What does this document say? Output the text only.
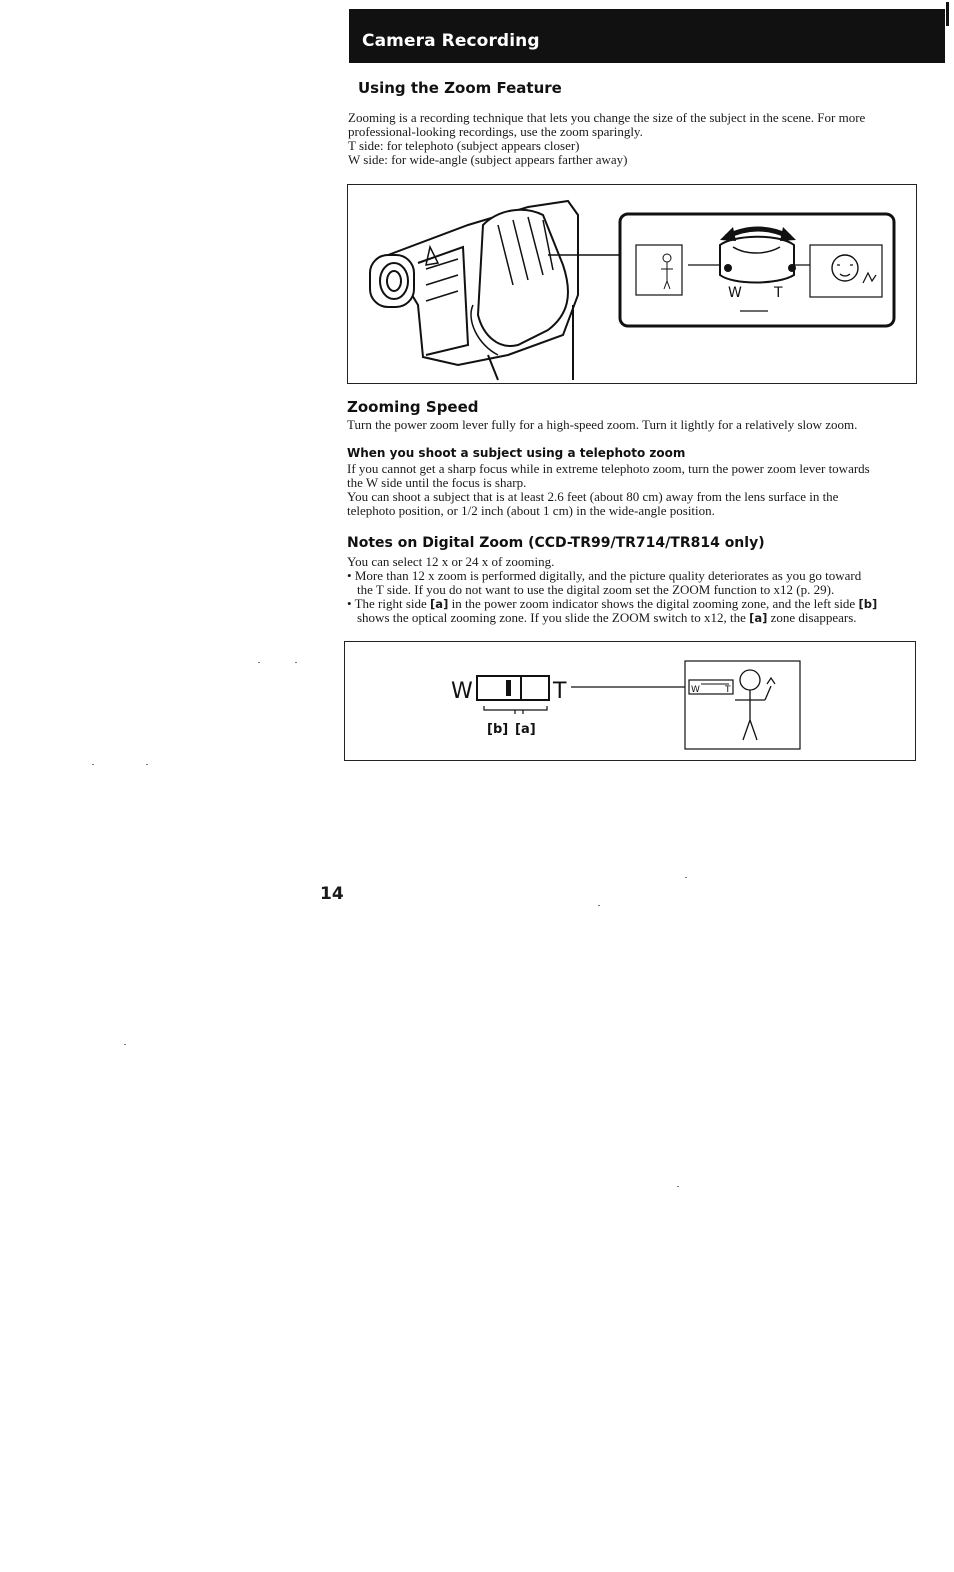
Camera Recording
Using the Zoom Feature
Zooming is a recording technique that lets you change the size of the subject in the scene. For more
professional-looking recordings, use the zoom sparingly.
T side: for telephoto (subject appears closer)
W side: for wide-angle (subject appears farther away)
W T
Zooming Speed
Turn the power zoom lever fully for a high-speed zoom. Turn it lightly for a relatively slow zoom.
When you shoot a subject using a telephoto zoom
If you cannot get a sharp focus while in extreme telephoto zoom, turn the power zoom lever towards
the W side until the focus is sharp.
You can shoot a subject that is at least 2.6 feet (about 80 cm) away from the lens surface in the
telephoto position, or 1/2 inch (about 1 cm) in the wide-angle position.
Notes on Digital Zoom (CCD-TR99/TR714/TR814 only)
You can select 12 x or 24 x of zooming.
• More than 12 x zoom is performed digitally, and the picture quality deteriorates as you go toward
the T side. If you do not want to use the digital zoom set the ZOOM function to x12 (p. 29).
• The right side [a] in the power zoom indicator shows the digital zooming zone, and the left side [b]
shows the optical zooming zone. If you slide the ZOOM switch to x12, the [a] zone disappears.
W	T	W	T
[b] [a]
14
